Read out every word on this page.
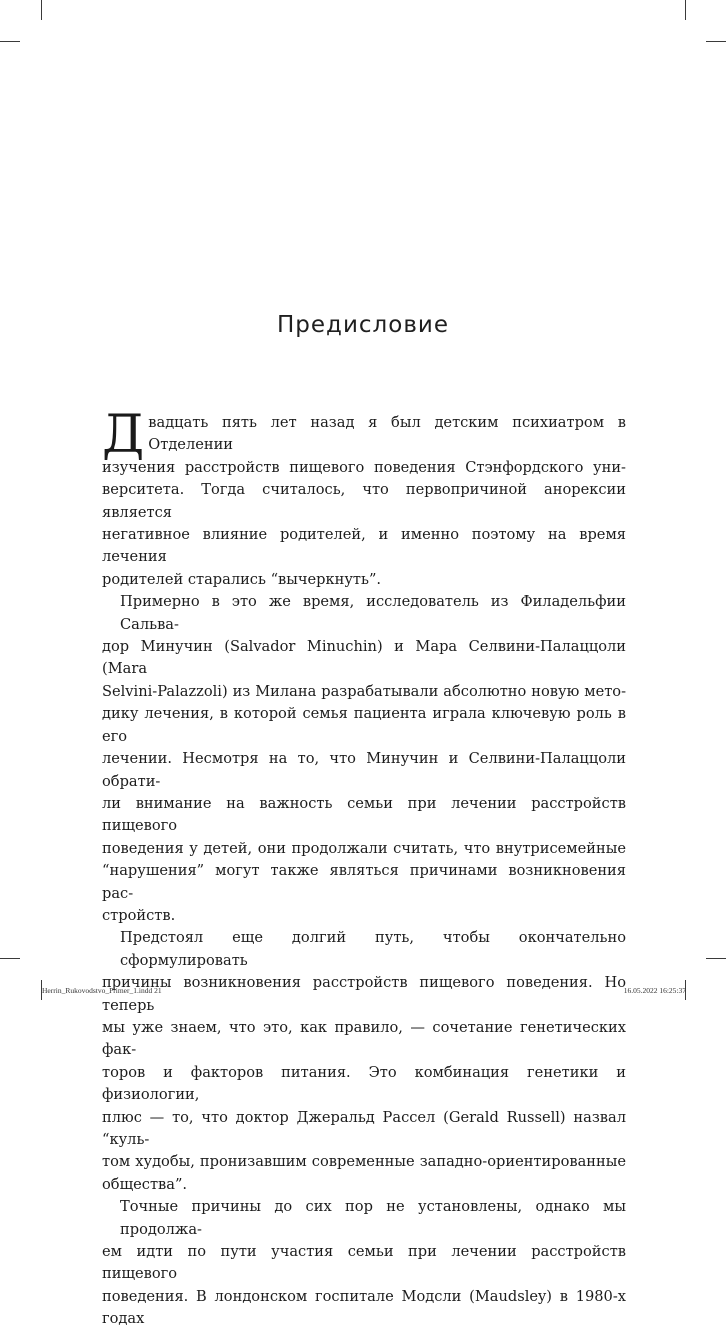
Предисловие
Д вадцать пять лет назад я был детским психиатром в Отделении
изучения расстройств пищевого поведения Стэнфордского уни-
верситета. Тогда считалось, что первопричиной анорексии является
негативное влияние родителей, и именно поэтому на время лечения
родителей старались “вычеркнуть”.
Примерно в это же время, исследователь из Филадельфии Сальва-
дор Минучин (Salvador Minuchin) и Мара Селвини-Палаццоли (Mara
Selvini-Palazzoli) из Милана разрабатывали абсолютно новую мето-
дику лечения, в которой семья пациента играла ключевую роль в его
лечении. Несмотря на то, что Минучин и Селвини-Палаццоли обрати-
ли внимание на важность семьи при лечении расстройств пищевого
поведения у детей, они продолжали считать, что внутрисемейные
“нарушения” могут также являться причинами возникновения рас-
стройств.
Предстоял еще долгий путь, чтобы окончательно сформулировать
причины возникновения расстройств пищевого поведения. Но теперь
мы уже знаем, что это, как правило, — сочетание генетических фак-
торов и факторов питания. Это комбинация генетики и физиологии,
плюс — то, что доктор Джеральд Рассел (Gerald Russell) назвал “куль-
том худобы, пронизавшим современные западно-ориентированные
общества”.
Точные причины до сих пор не установлены, однако мы продолжа-
ем идти по пути участия семьи при лечении расстройств пищевого
поведения. В лондонском госпитале Модсли (Maudsley) в 1980-х годах
Herrin_Rukovodstvo_Primer_1.indd 21	16.05.2022 16:25:37
